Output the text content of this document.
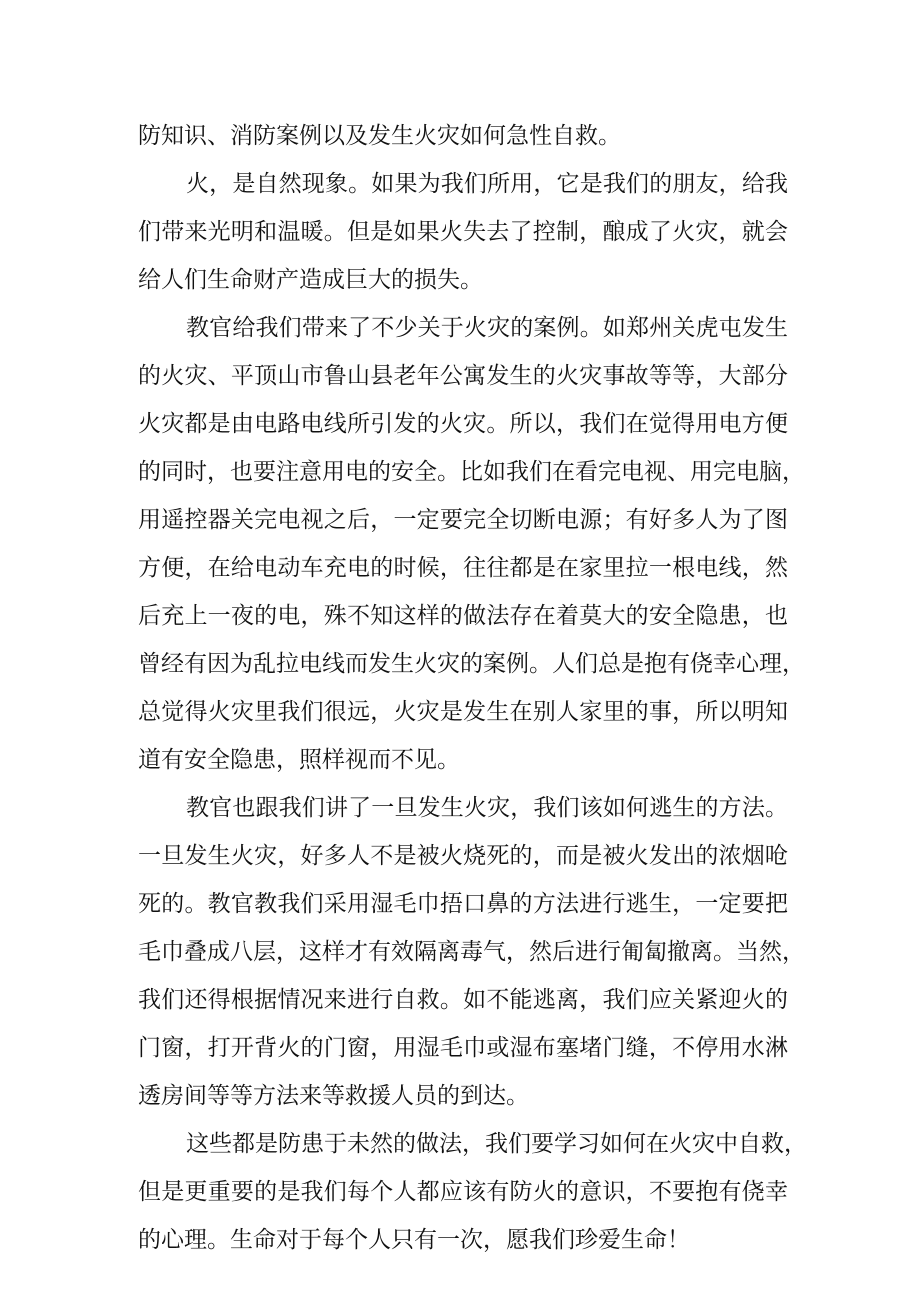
防知识、消防案例以及发生火灾如何急性自救。
火，是自然现象。如果为我们所用，它是我们的朋友，给我
们带来光明和温暖。但是如果火失去了控制，酿成了火灾，就会
给人们生命财产造成巨大的损失。
教官给我们带来了不少关于火灾的案例。如郑州关虎屯发生
的火灾、平顶山市鲁山县老年公寓发生的火灾事故等等，大部分
火灾都是由电路电线所引发的火灾。所以，我们在觉得用电方便
的同时，也要注意用电的安全。比如我们在看完电视、用完电脑，
用遥控器关完电视之后，一定要完全切断电源；有好多人为了图
方便，在给电动车充电的时候，往往都是在家里拉一根电线，然
后充上一夜的电，殊不知这样的做法存在着莫大的安全隐患，也
曾经有因为乱拉电线而发生火灾的案例。人们总是抱有侥幸心理，
总觉得火灾里我们很远，火灾是发生在别人家里的事，所以明知
道有安全隐患，照样视而不见。
教官也跟我们讲了一旦发生火灾，我们该如何逃生的方法。
一旦发生火灾，好多人不是被火烧死的，而是被火发出的浓烟呛
死的。教官教我们采用湿毛巾捂口鼻的方法进行逃生，一定要把
毛巾叠成八层，这样才有效隔离毒气，然后进行匍匐撤离。当然，
我们还得根据情况来进行自救。如不能逃离，我们应关紧迎火的
门窗，打开背火的门窗，用湿毛巾或湿布塞堵门缝，不停用水淋
透房间等等方法来等救援人员的到达。
这些都是防患于未然的做法，我们要学习如何在火灾中自救，
但是更重要的是我们每个人都应该有防火的意识，不要抱有侥幸
的心理。生命对于每个人只有一次，愿我们珍爱生命！
